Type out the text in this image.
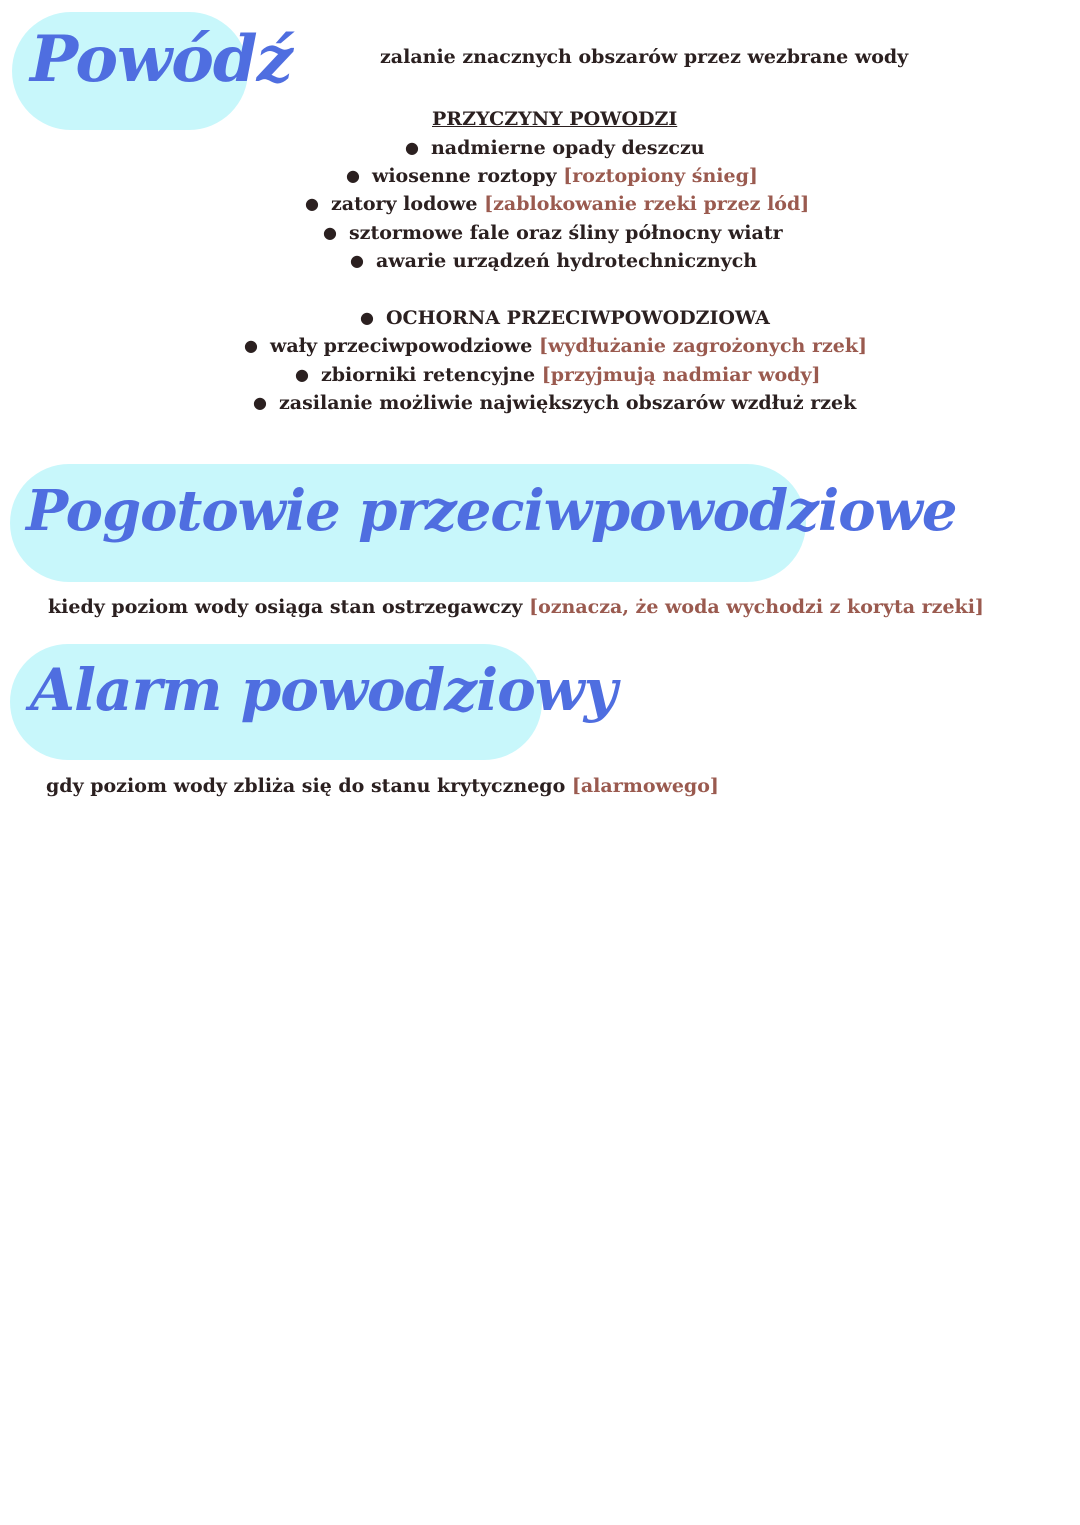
Powódź	zalanie znacznych obszarów przez wezbrane wody
PRZYCZYNY POWODZI
● nadmierne opady deszczu
● wiosenne roztopy [roztopiony śnieg]
● zatory lodowe [zablokowanie rzeki przez lód]
● sztormowe fale oraz śliny północny wiatr
● awarie urządzeń hydrotechnicznych
● OCHORNA PRZECIWPOWODZIOWA
● wały przeciwpowodziowe [wydłużanie zagrożonych rzek]
● zbiorniki retencyjne [przyjmują nadmiar wody]
● zasilanie możliwie największych obszarów wzdłuż rzek
Pogotowie przeciwpowodziowe
kiedy poziom wody osiąga stan ostrzegawczy [oznacza, że woda wychodzi z koryta rzeki]
Alarm powodziowy
gdy poziom wody zbliża się do stanu krytycznego [alarmowego]
